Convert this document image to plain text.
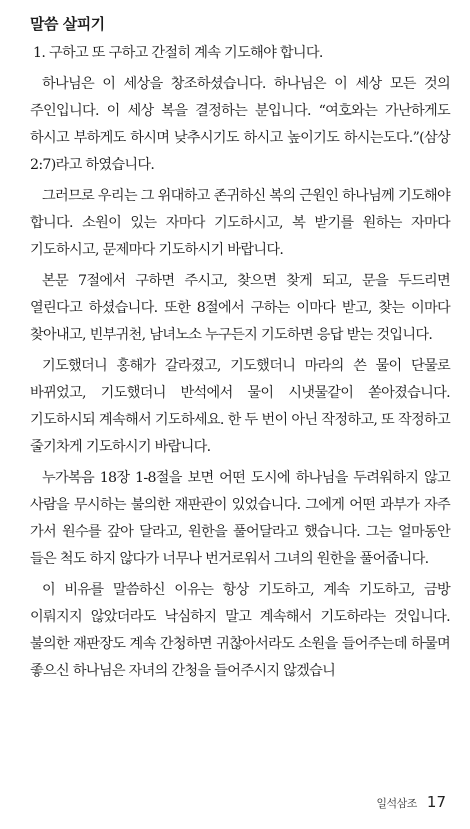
말씀 살피기

1. 구하고 또 구하고 간절히 계속 기도해야 합니다.

하나님은 이 세상을 창조하셨습니다. 하나님은 이 세상 모든 것의 주인입니다. 이 세상 복을 결정하는 분입니다. “여호와는 가난하게도 하시고 부하게도 하시며 낮추시기도 하시고 높이기도 하시는도다.”(삼상 2:7)라고 하였습니다.

그러므로 우리는 그 위대하고 존귀하신 복의 근원인 하나님께 기도해야 합니다. 소원이 있는 자마다 기도하시고, 복 받기를 원하는 자마다 기도하시고, 문제마다 기도하시기 바랍니다.

본문 7절에서 구하면 주시고, 찾으면 찾게 되고, 문을 두드리면 열린다고 하셨습니다. 또한 8절에서 구하는 이마다 받고, 찾는 이마다 찾아내고, 빈부귀천, 남녀노소 누구든지 기도하면 응답 받는 것입니다.

기도했더니 홍해가 갈라졌고, 기도했더니 마라의 쓴 물이 단물로 바뀌었고, 기도했더니 반석에서 물이 시냇물같이 쏟아졌습니다. 기도하시되 계속해서 기도하세요. 한 두 번이 아닌 작정하고, 또 작정하고 줄기차게 기도하시기 바랍니다.

누가복음 18장 1-8절을 보면 어떤 도시에 하나님을 두려워하지 않고 사람을 무시하는 불의한 재판관이 있었습니다. 그에게 어떤 과부가 자주 가서 원수를 갚아 달라고, 원한을 풀어달라고 했습니다. 그는 얼마동안 들은 척도 하지 않다가 너무나 번거로워서 그녀의 원한을 풀어줍니다.

이 비유를 말씀하신 이유는 항상 기도하고, 계속 기도하고, 금방 이뤄지지 않았더라도 낙심하지 말고 계속해서 기도하라는 것입니다. 불의한 재판장도 계속 간청하면 귀찮아서라도 소원을 들어주는데 하물며 좋으신 하나님은 자녀의 간청을 들어주시지 않겠습니

일석삼조 17
